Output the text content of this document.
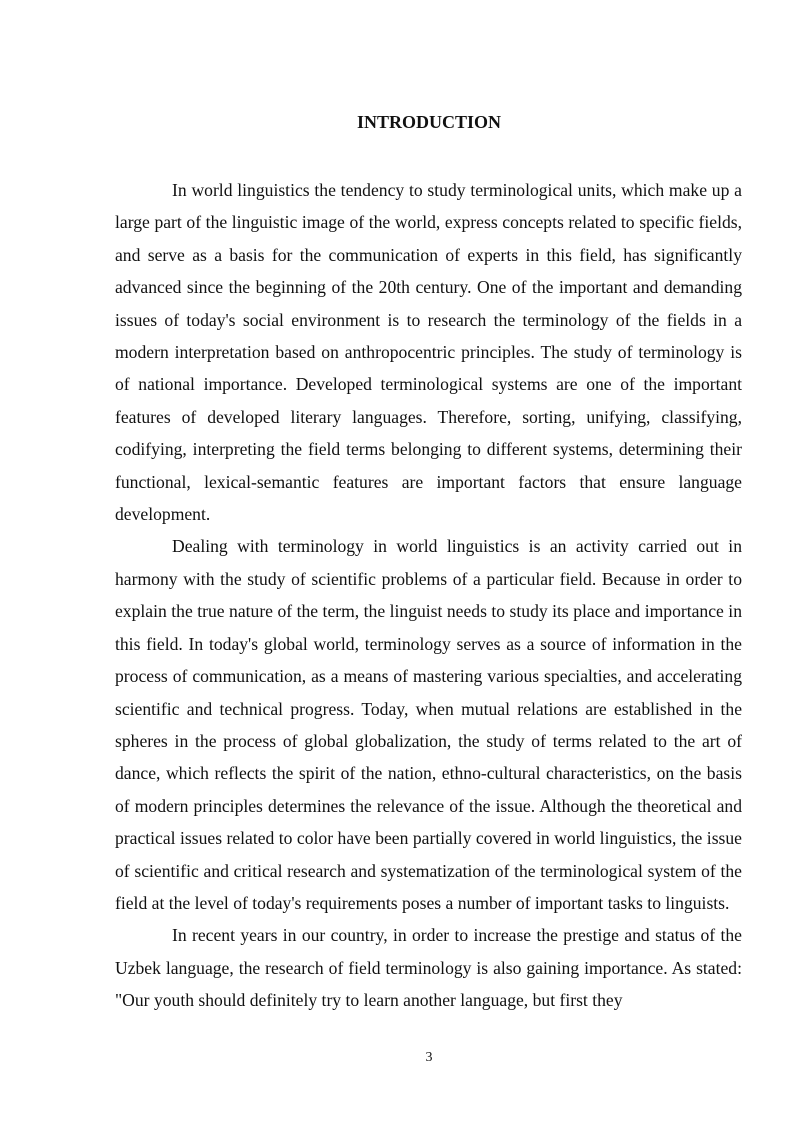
INTRODUCTION

In world linguistics the tendency to study terminological units, which make up a large part of the linguistic image of the world, express concepts related to specific fields, and serve as a basis for the communication of experts in this field, has significantly advanced since the beginning of the 20th century. One of the important and demanding issues of today's social environment is to research the terminology of the fields in a modern interpretation based on anthropocentric principles. The study of terminology is of national importance. Developed terminological systems are one of the important features of developed literary languages. Therefore, sorting, unifying, classifying, codifying, interpreting the field terms belonging to different systems, determining their functional, lexical-semantic features are important factors that ensure language development.

Dealing with terminology in world linguistics is an activity carried out in harmony with the study of scientific problems of a particular field. Because in order to explain the true nature of the term, the linguist needs to study its place and importance in this field. In today's global world, terminology serves as a source of information in the process of communication, as a means of mastering various specialties, and accelerating scientific and technical progress. Today, when mutual relations are established in the spheres in the process of global globalization, the study of terms related to the art of dance, which reflects the spirit of the nation, ethno-cultural characteristics, on the basis of modern principles determines the relevance of the issue. Although the theoretical and practical issues related to color have been partially covered in world linguistics, the issue of scientific and critical research and systematization of the terminological system of the field at the level of today's requirements poses a number of important tasks to linguists.

In recent years in our country, in order to increase the prestige and status of the Uzbek language, the research of field terminology is also gaining importance. As stated: "Our youth should definitely try to learn another language, but first they

3
